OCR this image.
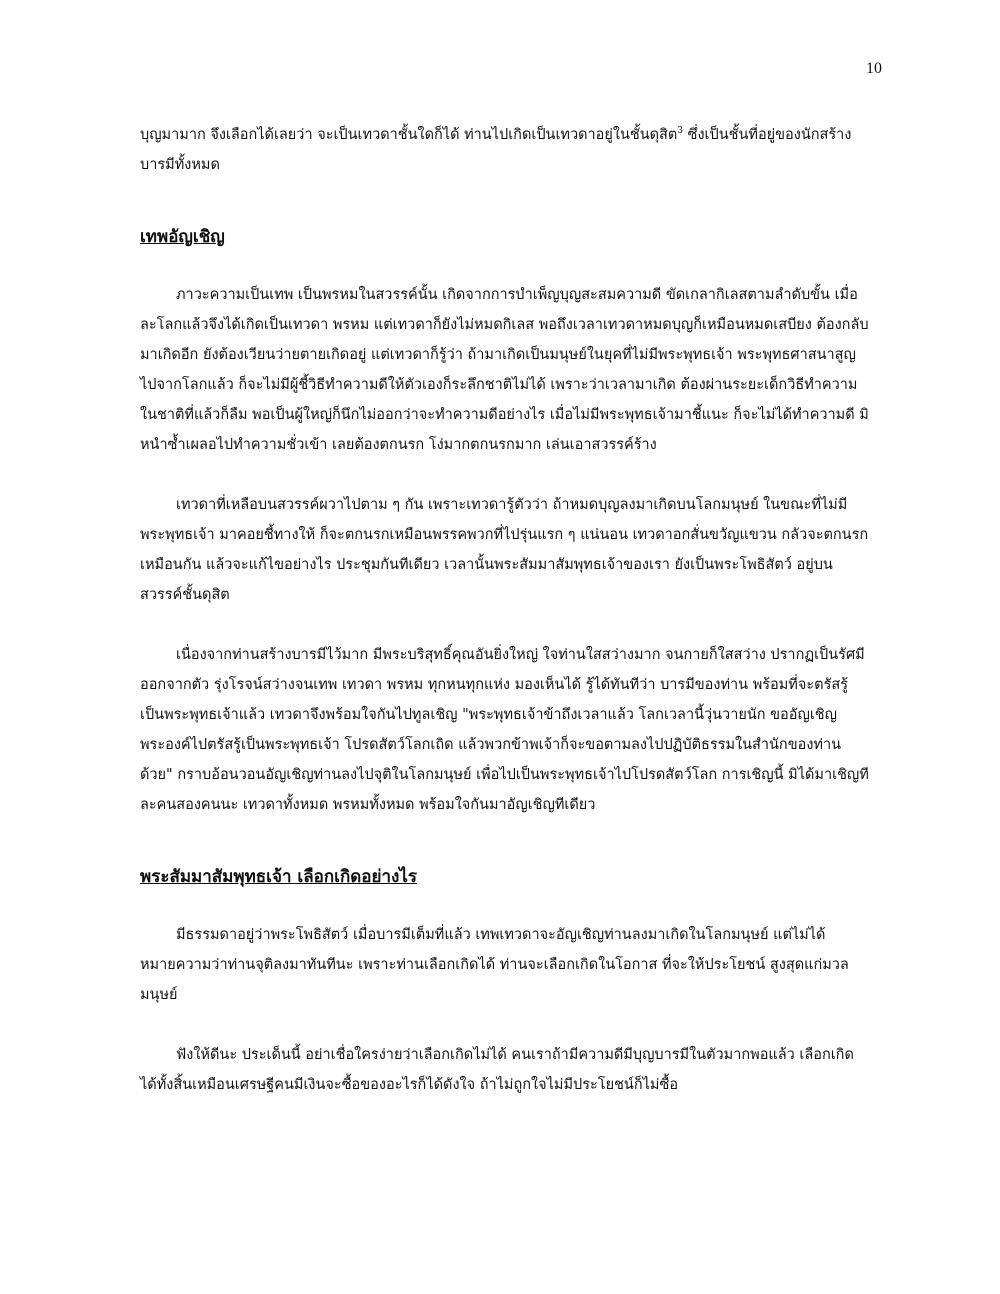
10

บุญมามาก จึงเลือกได้เลยว่า จะเป็นเทวดาชั้นใดก็ได้ ท่านไปเกิดเป็นเทวดาอยู่ในชั้นดุสิต$^3$ ซึ่งเป็นชั้นที่อยู่ของนักสร้างบารมีทั้งหมด

เทพอัญเชิญ

ภาวะความเป็นเทพ เป็นพรหมในสวรรค์นั้น เกิดจากการบำเพ็ญบุญสะสมความดี ขัดเกลากิเลสตามลำดับขั้น เมื่อละโลกแล้วจึงได้เกิดเป็นเทวดา พรหม แต่เทวดาก็ยังไม่หมดกิเลส พอถึงเวลาเทวดาหมดบุญก็เหมือนหมดเสบียง ต้องกลับมาเกิดอีก ยังต้องเวียนว่ายตายเกิดอยู่ แต่เทวดาก็รู้ว่า ถ้ามาเกิดเป็นมนุษย์ในยุคที่ไม่มีพระพุทธเจ้า พระพุทธศาสนาสูญไปจากโลกแล้ว ก็จะไม่มีผู้ชี้วิธีทำความดีให้ตัวเองก็ระลึกชาติไม่ได้ เพราะว่าเวลามาเกิด ต้องผ่านระยะเด็กวิธีทำความในชาติที่แล้วก็ลืม พอเป็นผู้ใหญ่ก็นึกไม่ออกว่าจะทำความดีอย่างไร เมื่อไม่มีพระพุทธเจ้ามาชี้แนะ ก็จะไม่ได้ทำความดี มิหนำซ้ำเผลอไปทำความชั่วเข้า เลยต้องตกนรก โง่มากตกนรกมาก เล่นเอาสวรรค์ร้าง

เทวดาที่เหลือบนสวรรค์ผวาไปตาม ๆ กัน เพราะเทวดารู้ตัวว่า ถ้าหมดบุญลงมาเกิดบนโลกมนุษย์ ในขณะที่ไม่มีพระพุทธเจ้า มาคอยชี้ทางให้ ก็จะตกนรกเหมือนพรรคพวกที่ไปรุ่นแรก ๆ แน่นอน เทวดาอกสั่นขวัญแขวน กลัวจะตกนรกเหมือนกัน แล้วจะแก้ไขอย่างไร ประชุมกันทีเดียว เวลานั้นพระสัมมาสัมพุทธเจ้าของเรา ยังเป็นพระโพธิสัตว์ อยู่บนสวรรค์ชั้นดุสิต

เนื่องจากท่านสร้างบารมีไว้มาก มีพระบริสุทธิ์คุณอันยิ่งใหญ่ ใจท่านใสสว่างมาก จนกายก็ใสสว่าง ปรากฏเป็นรัศมีออกจากตัว รุ่งโรจน์สว่างจนเทพ เทวดา พรหม ทุกหนทุกแห่ง มองเห็นได้ รู้ได้ทันทีว่า บารมีของท่าน พร้อมที่จะตรัสรู้เป็นพระพุทธเจ้าแล้ว เทวดาจึงพร้อมใจกันไปทูลเชิญ "พระพุทธเจ้าข้าถึงเวลาแล้ว โลกเวลานี้วุ่นวายนัก ขออัญเชิญพระองค์ไปตรัสรู้เป็นพระพุทธเจ้า โปรดสัตว์โลกเถิด แล้วพวกข้าพเจ้าก็จะขอตามลงไปปฏิบัติธรรมในสำนักของท่านด้วย" กราบอ้อนวอนอัญเชิญท่านลงไปจุติในโลกมนุษย์ เพื่อไปเป็นพระพุทธเจ้าไปโปรดสัตว์โลก การเชิญนี้ มิได้มาเชิญทีละคนสองคนนะ เทวดาทั้งหมด พรหมทั้งหมด พร้อมใจกันมาอัญเชิญทีเดียว

พระสัมมาสัมพุทธเจ้า เลือกเกิดอย่างไร

มีธรรมดาอยู่ว่าพระโพธิสัตว์ เมื่อบารมีเต็มที่แล้ว เทพเทวดาจะอัญเชิญท่านลงมาเกิดในโลกมนุษย์ แต่ไม่ได้หมายความว่าท่านจุติลงมาทันทีนะ เพราะท่านเลือกเกิดได้ ท่านจะเลือกเกิดในโอกาส ที่จะให้ประโยชน์ สูงสุดแก่มวลมนุษย์

ฟังให้ดีนะ ประเด็นนี้ อย่าเชื่อใครง่ายว่าเลือกเกิดไม่ได้ คนเราถ้ามีความดีมีบุญบารมีในตัวมากพอแล้ว เลือกเกิดได้ทั้งสิ้นเหมือนเศรษฐีคนมีเงินจะซื้อของอะไรก็ได้ดังใจ ถ้าไม่ถูกใจไม่มีประโยชน์ก็ไม่ซื้อ
